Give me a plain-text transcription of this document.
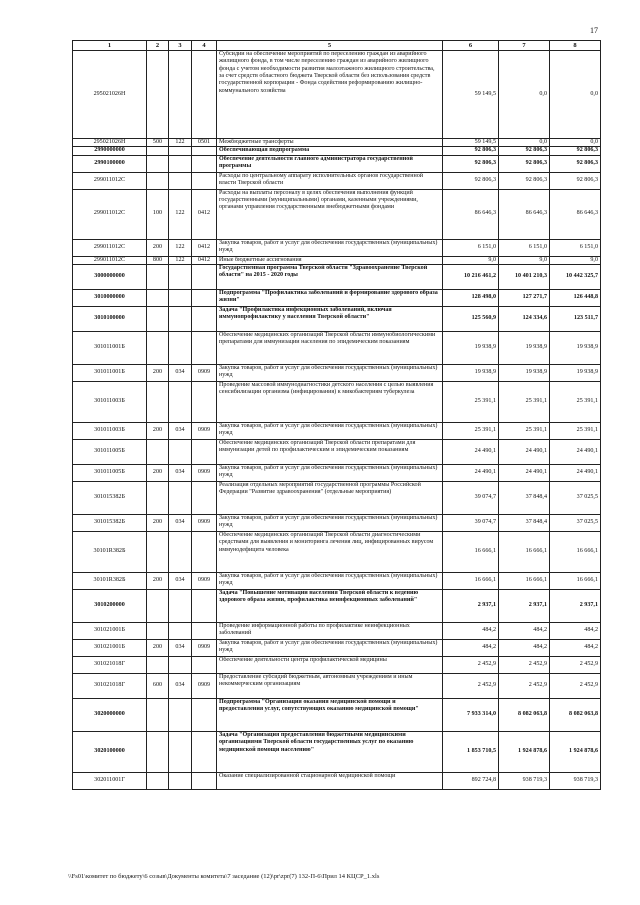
17
1	2	3	4	5	6	7	8
295021026Н				Субсидии на обеспечение мероприятий по переселению граждан из аварийного жилищного фонда, в том числе переселению граждан из аварийного жилищного фонда с учетом необходимости развития малоэтажного жилищного строительства, за счет средств областного бюджета Тверской области без использования средств государственной корпорации - Фонда содействия реформированию жилищно-коммунального хозяйства	59 149,5	0,0	0,0
295021026Н	500	122	0501	Межбюджетные трансферты	59 149,5	0,0	0,0
2990000000				Обеспечивающая подпрограмма	92 806,3	92 806,3	92 806,3
2990100000				Обеспечение деятельности главного администратора государственной программы	92 806,3	92 806,3	92 806,3
299011012С				Расходы по центральному аппарату исполнительных органов государственной власти Тверской области	92 806,3	92 806,3	92 806,3
299011012С	100	122	0412	Расходы на выплаты персоналу в целях обеспечения выполнения функций государственными (муниципальными) органами, казенными учреждениями, органами управления государственными внебюджетными фондами	86 646,3	86 646,3	86 646,3
299011012С	200	122	0412	Закупка товаров, работ и услуг для обеспечения государственных (муниципальных) нужд	6 151,0	6 151,0	6 151,0
299011012С	800	122	0412	Иные бюджетные ассигнования	9,0	9,0	9,0
3000000000				Государственная программа Тверской области "Здравоохранение Тверской области" на 2015 - 2020 годы	10 216 461,2	10 401 210,3	10 442 325,7
3010000000				Подпрограмма "Профилактика заболеваний и формирование здорового образа жизни"	128 498,0	127 271,7	126 448,8
3010100000				Задача "Профилактика инфекционных заболеваний, включая иммунопрофилактику у населения Тверской области"	125 560,9	124 334,6	123 511,7
301011001Б				Обеспечение медицинских организаций Тверской области иммунобиологическими препаратами для иммунизации населения по эпидемическим показаниям	19 938,9	19 938,9	19 938,9
301011001Б	200	034	0909	Закупка товаров, работ и услуг для обеспечения государственных (муниципальных) нужд	19 938,9	19 938,9	19 938,9
301011003Б				Проведение массовой иммунодиагностики детского населения с целью выявления сенсибилизации организма (инфицирования) к микобактериям туберкулеза	25 391,1	25 391,1	25 391,1
301011003Б	200	034	0909	Закупка товаров, работ и услуг для обеспечения государственных (муниципальных) нужд	25 391,1	25 391,1	25 391,1
301011005Б				Обеспечение медицинских организаций Тверской области препаратами для иммунизации детей по профилактическим и эпидемическим показаниям	24 490,1	24 490,1	24 490,1
301011005Б	200	034	0909	Закупка товаров, работ и услуг для обеспечения государственных (муниципальных) нужд	24 490,1	24 490,1	24 490,1
301015382Б				Реализация отдельных мероприятий государственной программы Российской Федерации "Развитие здравоохранения" (отдельные мероприятия)	39 074,7	37 848,4	37 025,5
301015382Б	200	034	0909	Закупка товаров, работ и услуг для обеспечения государственных (муниципальных) нужд	39 074,7	37 848,4	37 025,5
30101R382Б				Обеспечение медицинских организаций Тверской области диагностическими средствами для выявления и мониторинга лечения лиц, инфицированных вирусом иммунодефицита человека	16 666,1	16 666,1	16 666,1
30101R382Б	200	034	0909	Закупка товаров, работ и услуг для обеспечения государственных (муниципальных) нужд	16 666,1	16 666,1	16 666,1
3010200000				Задача "Повышение мотивации населения Тверской области к ведению здорового образа жизни, профилактика неинфекционных заболеваний"	2 937,1	2 937,1	2 937,1
301021001Б				Проведение информационной работы по профилактике неинфекционных заболеваний	484,2	484,2	484,2
301021001Б	200	034	0909	Закупка товаров, работ и услуг для обеспечения государственных (муниципальных) нужд	484,2	484,2	484,2
301021018Г				Обеспечение деятельности центра профилактической медицины	2 452,9	2 452,9	2 452,9
301021018Г	600	034	0909	Предоставление субсидий бюджетным, автономным учреждениям и иным некоммерческим организациям	2 452,9	2 452,9	2 452,9
3020000000				Подпрограмма "Организация оказания медицинской помощи и предоставления услуг, сопутствующих оказанию медицинской помощи"	7 933 314,0	8 082 063,8	8 082 063,8
3020100000				Задача "Организация предоставления бюджетными медицинскими организациями Тверской области государственных услуг по оказанию медицинской помощи населению"	1 853 710,5	1 924 878,6	1 924 878,6
302011001Г				Оказание специализированной стационарной медицинской помощи	892 724,8	938 719,3	938 719,3
\\Fs01\комитет по бюджету\6 созыв\Документы комитета\7 заседание (12)\pr\zpr(7) 132-П-6\Прил 14 КЦСР_1.xls
